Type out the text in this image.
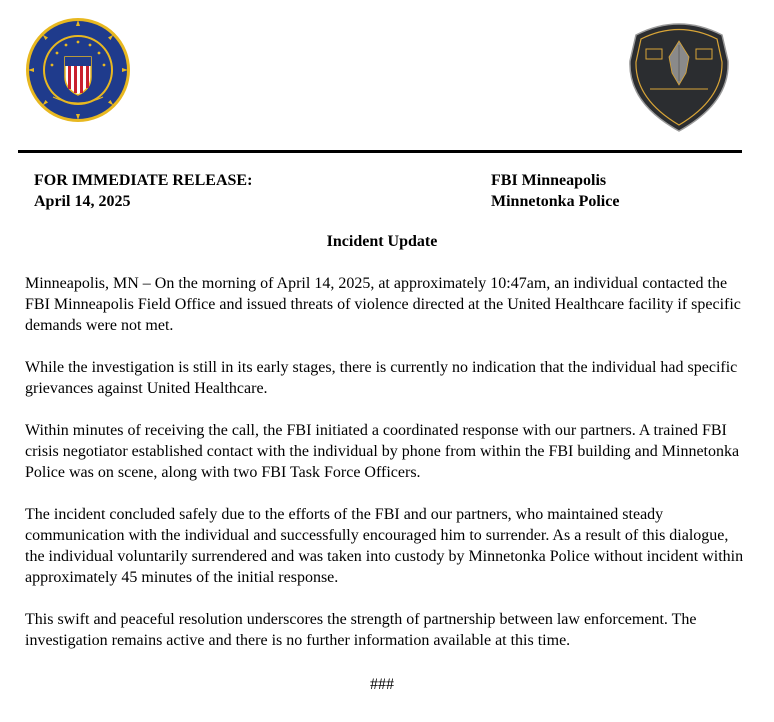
FOR IMMEDIATE RELEASE:
April 14, 2025
FBI Minneapolis
Minnetonka Police
Incident Update

Minneapolis, MN – On the morning of April 14, 2025, at approximately 10:47am, an individual contacted the FBI Minneapolis Field Office and issued threats of violence directed at the United Healthcare facility if specific demands were not met.

While the investigation is still in its early stages, there is currently no indication that the individual had specific grievances against United Healthcare.

Within minutes of receiving the call, the FBI initiated a coordinated response with our partners. A trained FBI crisis negotiator established contact with the individual by phone from within the FBI building and Minnetonka Police was on scene, along with two FBI Task Force Officers.

The incident concluded safely due to the efforts of the FBI and our partners, who maintained steady communication with the individual and successfully encouraged him to surrender. As a result of this dialogue, the individual voluntarily surrendered and was taken into custody by Minnetonka Police without incident within approximately 45 minutes of the initial response.

This swift and peaceful resolution underscores the strength of partnership between law enforcement. The investigation remains active and there is no further information available at this time.

###
